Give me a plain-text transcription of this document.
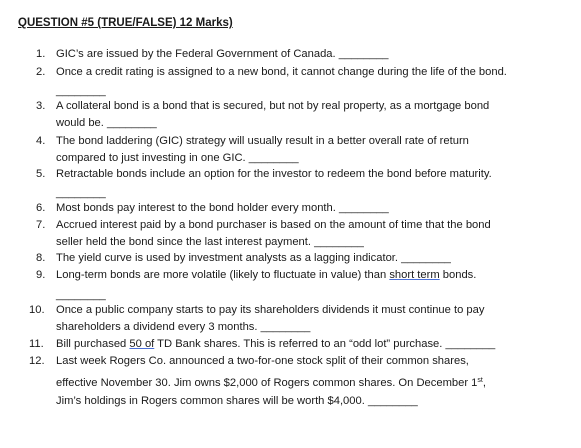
QUESTION #5 (TRUE/FALSE) 12 Marks)
1. GIC’s are issued by the Federal Government of Canada. ________
2. Once a credit rating is assigned to a new bond, it cannot change during the life of the bond.
________
3. A collateral bond is a bond that is secured, but not by real property, as a mortgage bond
would be. ________
4. The bond laddering (GIC) strategy will usually result in a better overall rate of return
compared to just investing in one GIC. ________
5. Retractable bonds include an option for the investor to redeem the bond before maturity.
________
6. Most bonds pay interest to the bond holder every month. ________
7. Accrued interest paid by a bond purchaser is based on the amount of time that the bond
seller held the bond since the last interest payment. ________
8. The yield curve is used by investment analysts as a lagging indicator. ________
9. Long-term bonds are more volatile (likely to fluctuate in value) than short term bonds.
________
10.	Once a public company starts to pay its shareholders dividends it must continue to pay
shareholders a dividend every 3 months. ________
11.	Bill purchased 50 of TD Bank shares. This is referred to an “odd lot” purchase. ________
12.	Last week Rogers Co. announced a two-for-one stock split of their common shares,
effective November 30. Jim owns $2,000 of Rogers common shares. On December 1st,
Jim’s holdings in Rogers common shares will be worth $4,000. ________
